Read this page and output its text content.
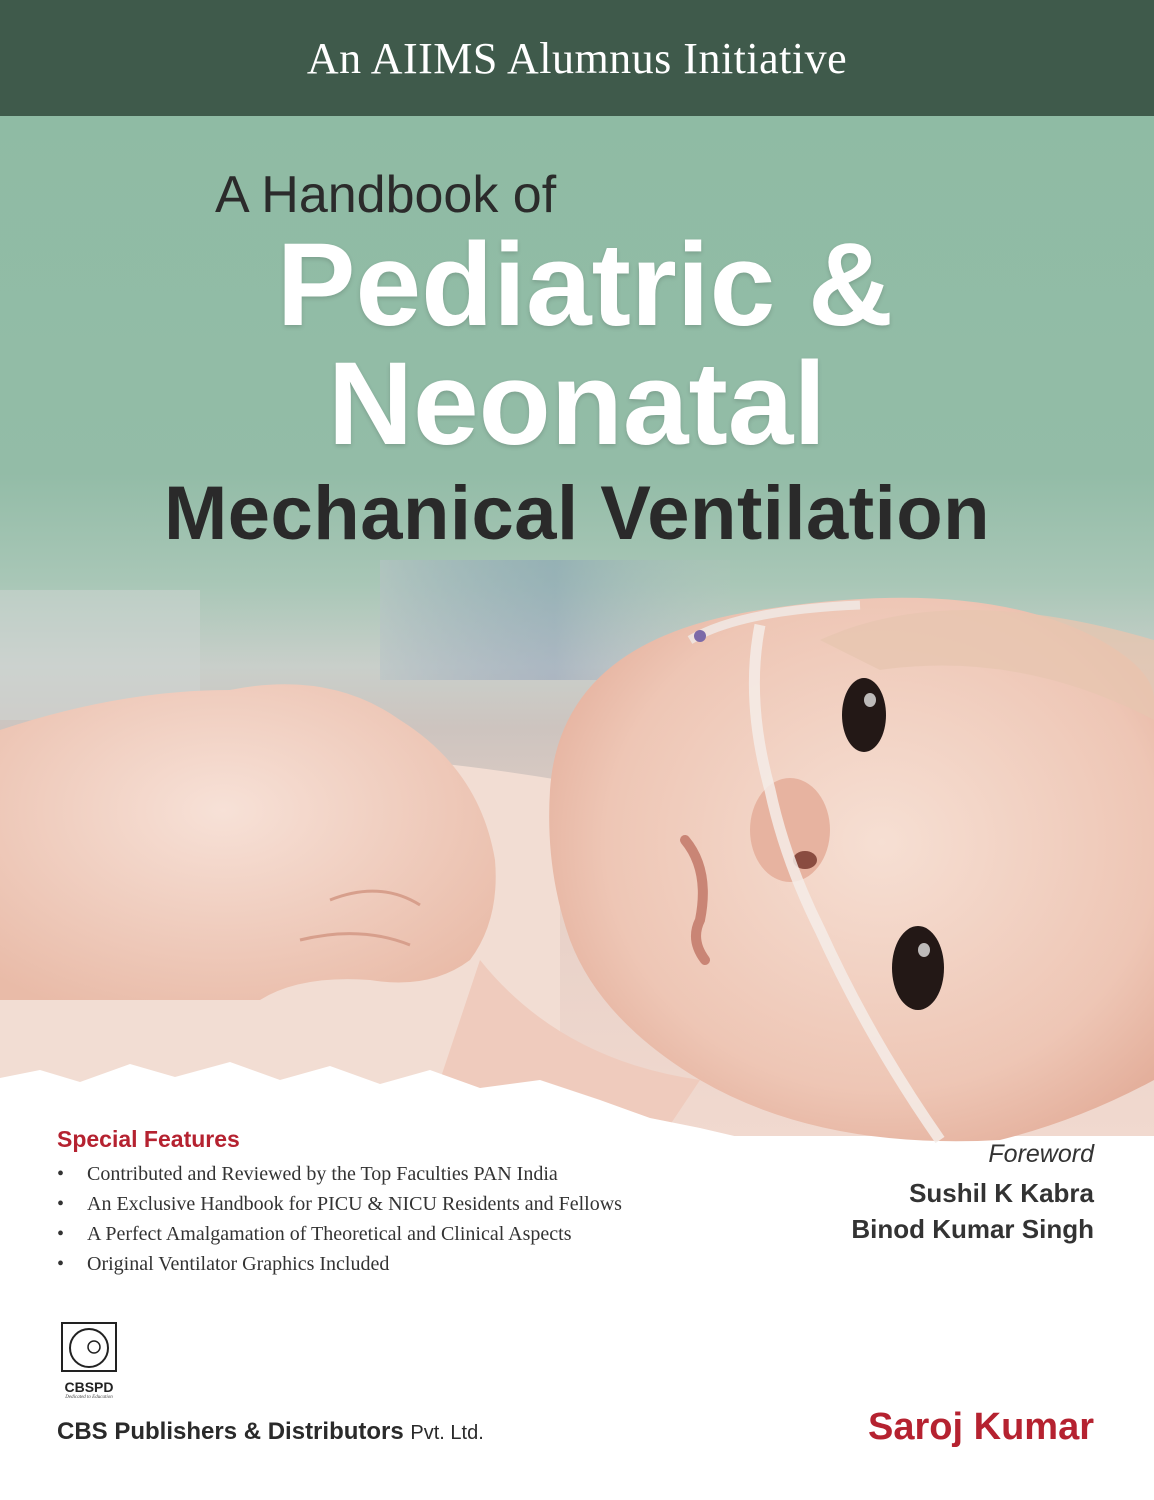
An AIIMS Alumnus Initiative
A Handbook of
Pediatric &
Neonatal
Mechanical Ventilation
Special Features
• Contributed and Reviewed by the Top Faculties PAN India
• An Exclusive Handbook for PICU & NICU Residents and Fellows
• A Perfect Amalgamation of Theoretical and Clinical Aspects
• Original Ventilator Graphics Included
Foreword
Sushil K Kabra
Binod Kumar Singh
CBSPD
Dedicated to Education
CBS Publishers & Distributors Pvt. Ltd.	Saroj Kumar
